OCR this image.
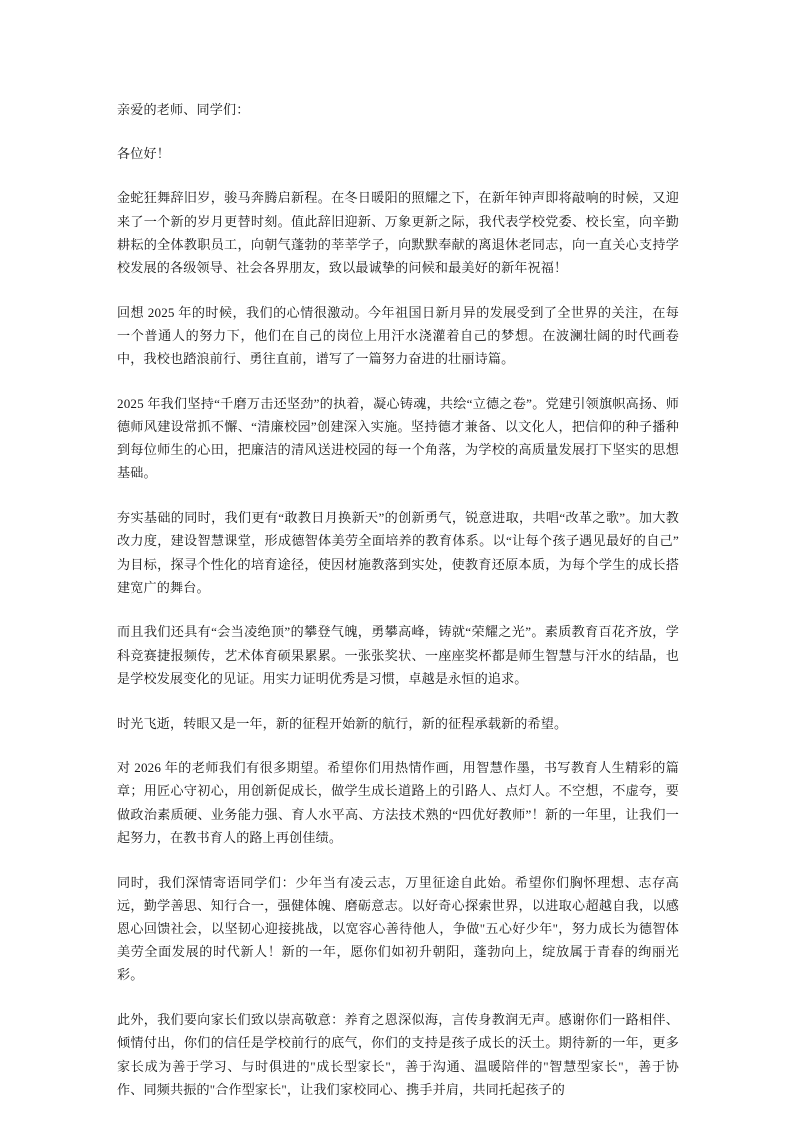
亲爱的老师、同学们：

各位好！

金蛇狂舞辞旧岁，骏马奔腾启新程。在冬日暖阳的照耀之下，在新年钟声即将敲响的时候，又迎来了一个新的岁月更替时刻。值此辞旧迎新、万象更新之际，我代表学校党委、校长室，向辛勤耕耘的全体教职员工，向朝气蓬勃的莘莘学子，向默默奉献的离退休老同志，向一直关心支持学校发展的各级领导、社会各界朋友，致以最诚挚的问候和最美好的新年祝福！

回想 2025 年的时候，我们的心情很激动。今年祖国日新月异的发展受到了全世界的关注，在每一个普通人的努力下，他们在自己的岗位上用汗水浇灌着自己的梦想。在波澜壮阔的时代画卷中，我校也踏浪前行、勇往直前，谱写了一篇努力奋进的壮丽诗篇。

2025 年我们坚持“千磨万击还坚劲”的执着，凝心铸魂，共绘“立德之卷”。党建引领旗帜高扬、师德师风建设常抓不懈、“清廉校园”创建深入实施。坚持德才兼备、以文化人，把信仰的种子播种到每位师生的心田，把廉洁的清风送进校园的每一个角落，为学校的高质量发展打下坚实的思想基础。

夯实基础的同时，我们更有“敢教日月换新天”的创新勇气，锐意进取，共唱“改革之歌”。加大教改力度，建设智慧课堂，形成德智体美劳全面培养的教育体系。以“让每个孩子遇见最好的自己”为目标，探寻个性化的培育途径，使因材施教落到实处，使教育还原本质，为每个学生的成长搭建宽广的舞台。

而且我们还具有“会当凌绝顶”的攀登气魄，勇攀高峰，铸就“荣耀之光”。素质教育百花齐放，学科竞赛捷报频传，艺术体育硕果累累。一张张奖状、一座座奖杯都是师生智慧与汗水的结晶，也是学校发展变化的见证。用实力证明优秀是习惯，卓越是永恒的追求。

时光飞逝，转眼又是一年，新的征程开始新的航行，新的征程承载新的希望。

对 2026 年的老师我们有很多期望。希望你们用热情作画，用智慧作墨，书写教育人生精彩的篇章；用匠心守初心，用创新促成长，做学生成长道路上的引路人、点灯人。不空想，不虚夸，要做政治素质硬、业务能力强、育人水平高、方法技术熟的“四优好教师”！新的一年里，让我们一起努力，在教书育人的路上再创佳绩。

同时，我们深情寄语同学们：少年当有凌云志，万里征途自此始。希望你们胸怀理想、志存高远，勤学善思、知行合一，强健体魄、磨砺意志。以好奇心探索世界，以进取心超越自我，以感恩心回馈社会，以坚韧心迎接挑战，以宽容心善待他人，争做"五心好少年"，努力成长为德智体美劳全面发展的时代新人！新的一年，愿你们如初升朝阳，蓬勃向上，绽放属于青春的绚丽光彩。

此外，我们要向家长们致以崇高敬意：养育之恩深似海，言传身教润无声。感谢你们一路相伴、倾情付出，你们的信任是学校前行的底气，你们的支持是孩子成长的沃土。期待新的一年，更多家长成为善于学习、与时俱进的"成长型家长"，善于沟通、温暖陪伴的"智慧型家长"，善于协作、同频共振的"合作型家长"，让我们家校同心、携手并肩，共同托起孩子的
